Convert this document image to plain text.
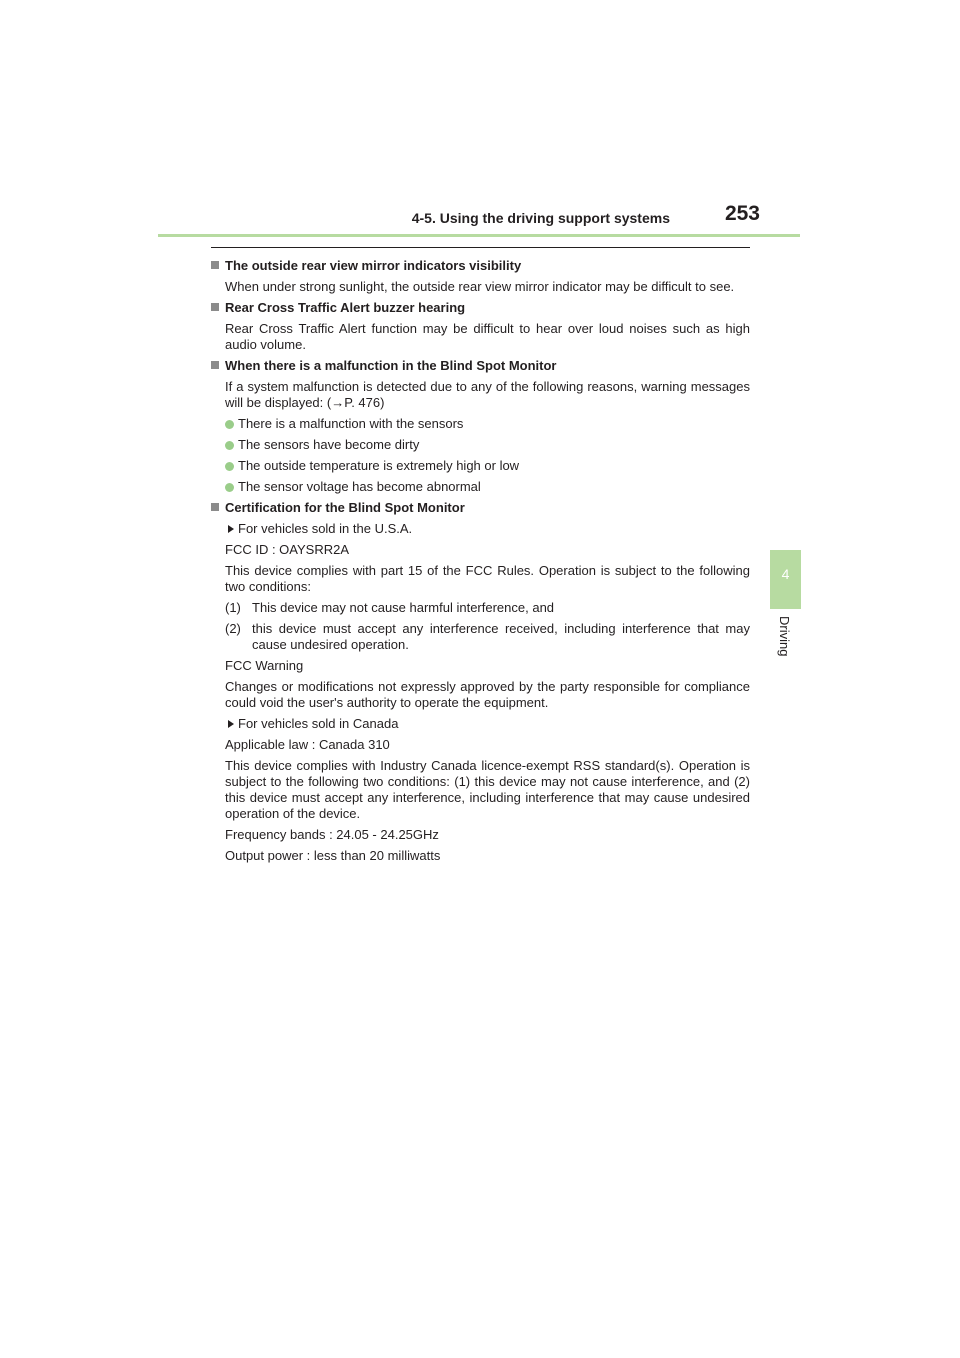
4-5. Using the driving support systems	253
4
Driving
The outside rear view mirror indicators visibility

When under strong sunlight, the outside rear view mirror indicator may be difficult to see.

Rear Cross Traffic Alert buzzer hearing

Rear Cross Traffic Alert function may be difficult to hear over loud noises such as high audio volume.

When there is a malfunction in the Blind Spot Monitor

If a system malfunction is detected due to any of the following reasons, warning messages will be displayed: (→P. 476)

There is a malfunction with the sensors
The sensors have become dirty
The outside temperature is extremely high or low
The sensor voltage has become abnormal
Certification for the Blind Spot Monitor
For vehicles sold in the U.S.A.

FCC ID : OAYSRR2A

This device complies with part 15 of the FCC Rules. Operation is subject to the following two conditions:

(1) This device may not cause harmful interference, and
(2) this device must accept any interference received, including interference that may cause undesired operation.

FCC Warning

Changes or modifications not expressly approved by the party responsible for compliance could void the user's authority to operate the equipment.

For vehicles sold in Canada

Applicable law : Canada 310

This device complies with Industry Canada licence-exempt RSS standard(s). Operation is subject to the following two conditions: (1) this device may not cause interference, and (2) this device must accept any interference, including interference that may cause undesired operation of the device.

Frequency bands : 24.05 - 24.25GHz

Output power : less than 20 milliwatts
